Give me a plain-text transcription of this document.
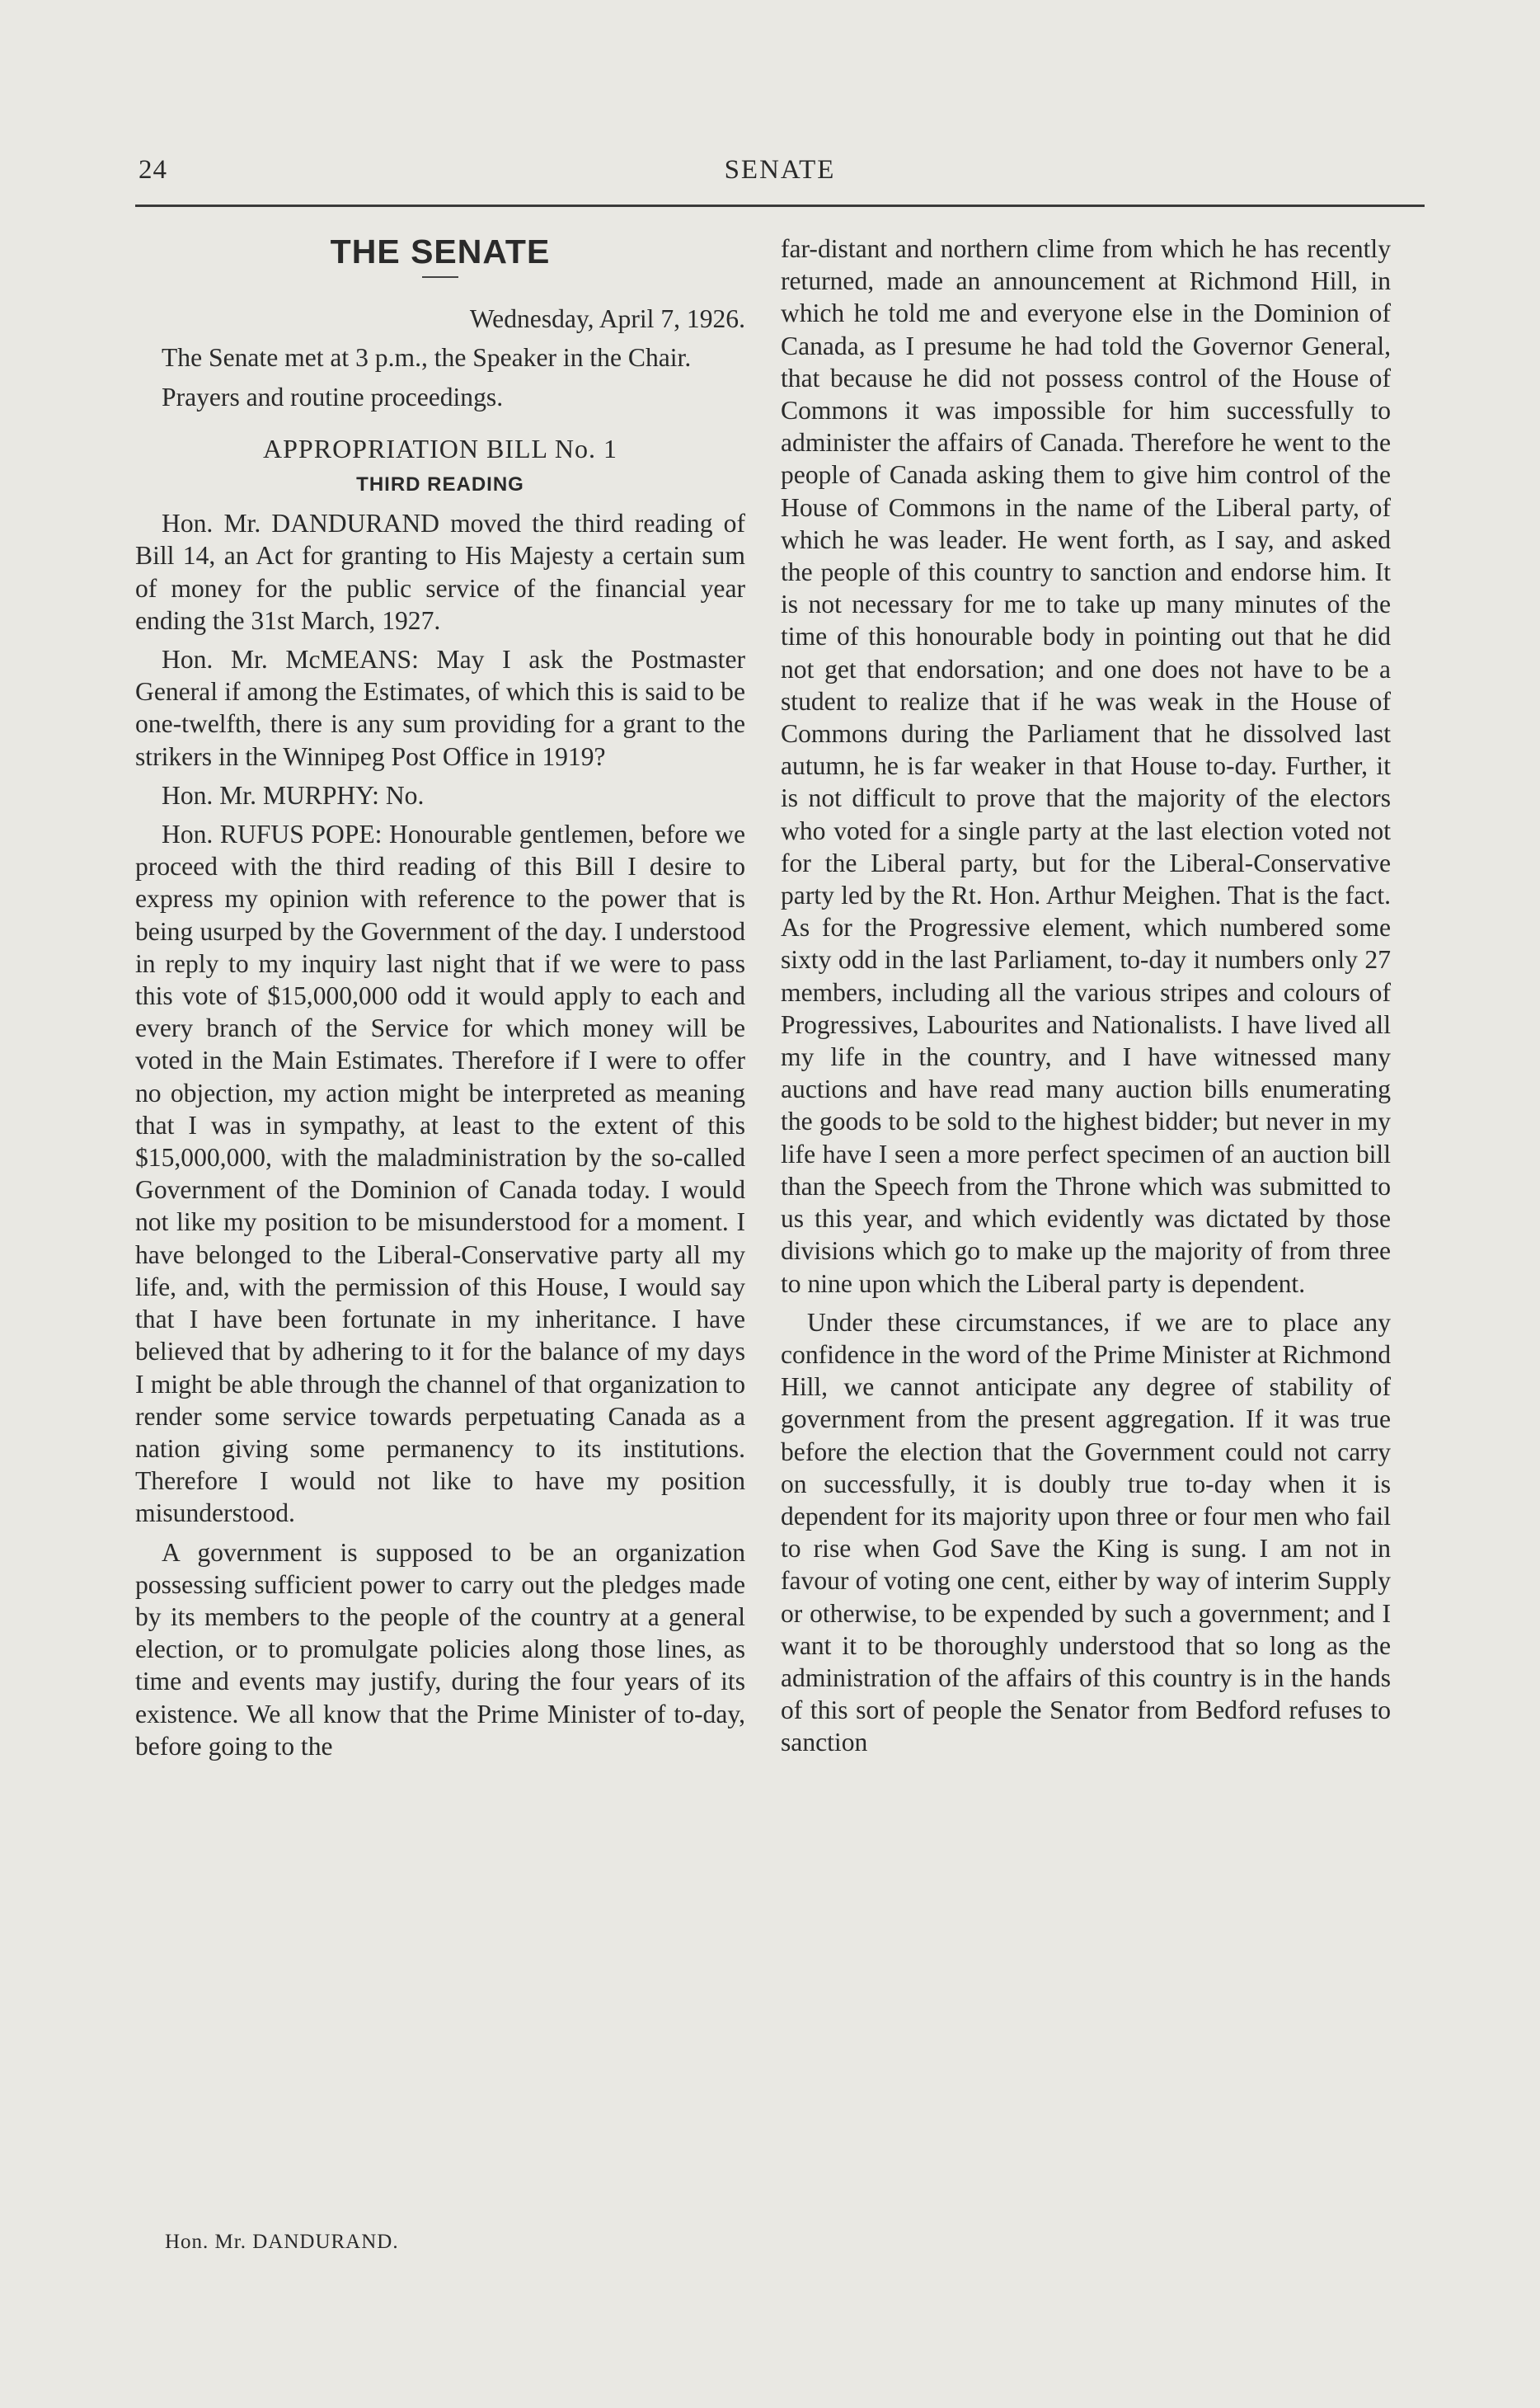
24	SENATE
THE SENATE

Wednesday, April 7, 1926.

The Senate met at 3 p.m., the Speaker in the Chair.

Prayers and routine proceedings.

APPROPRIATION BILL No. 1
THIRD READING

Hon. Mr. DANDURAND moved the third reading of Bill 14, an Act for granting to His Majesty a certain sum of money for the public service of the financial year ending the 31st March, 1927.

Hon. Mr. McMEANS: May I ask the Postmaster General if among the Estimates, of which this is said to be one-twelfth, there is any sum providing for a grant to the strikers in the Winnipeg Post Office in 1919?

Hon. Mr. MURPHY: No.

Hon. RUFUS POPE: Honourable gentlemen, before we proceed with the third reading of this Bill I desire to express my opinion with reference to the power that is being usurped by the Government of the day. I understood in reply to my inquiry last night that if we were to pass this vote of $15,000,000 odd it would apply to each and every branch of the Service for which money will be voted in the Main Estimates. Therefore if I were to offer no objection, my action might be interpreted as meaning that I was in sympathy, at least to the extent of this $15,000,000, with the maladministration by the so-called Government of the Dominion of Canada today. I would not like my position to be misunderstood for a moment. I have belonged to the Liberal-Conservative party all my life, and, with the permission of this House, I would say that I have been fortunate in my inheritance. I have believed that by adhering to it for the balance of my days I might be able through the channel of that organization to render some service towards perpetuating Canada as a nation giving some permanency to its institutions. Therefore I would not like to have my position misunderstood.

A government is supposed to be an organization possessing sufficient power to carry out the pledges made by its members to the people of the country at a general election, or to promulgate policies along those lines, as time and events may justify, during the four years of its existence. We all know that the Prime Minister of to-day, before going to the

far-distant and northern clime from which he has recently returned, made an announcement at Richmond Hill, in which he told me and everyone else in the Dominion of Canada, as I presume he had told the Governor General, that because he did not possess control of the House of Commons it was impossible for him successfully to administer the affairs of Canada. Therefore he went to the people of Canada asking them to give him control of the House of Commons in the name of the Liberal party, of which he was leader. He went forth, as I say, and asked the people of this country to sanction and endorse him. It is not necessary for me to take up many minutes of the time of this honourable body in pointing out that he did not get that endorsation; and one does not have to be a student to realize that if he was weak in the House of Commons during the Parliament that he dissolved last autumn, he is far weaker in that House to-day. Further, it is not difficult to prove that the majority of the electors who voted for a single party at the last election voted not for the Liberal party, but for the Liberal-Conservative party led by the Rt. Hon. Arthur Meighen. That is the fact. As for the Progressive element, which numbered some sixty odd in the last Parliament, to-day it numbers only 27 members, including all the various stripes and colours of Progressives, Labourites and Nationalists. I have lived all my life in the country, and I have witnessed many auctions and have read many auction bills enumerating the goods to be sold to the highest bidder; but never in my life have I seen a more perfect specimen of an auction bill than the Speech from the Throne which was submitted to us this year, and which evidently was dictated by those divisions which go to make up the majority of from three to nine upon which the Liberal party is dependent.

Under these circumstances, if we are to place any confidence in the word of the Prime Minister at Richmond Hill, we cannot anticipate any degree of stability of government from the present aggregation. If it was true before the election that the Government could not carry on successfully, it is doubly true to-day when it is dependent for its majority upon three or four men who fail to rise when God Save the King is sung. I am not in favour of voting one cent, either by way of interim Supply or otherwise, to be expended by such a government; and I want it to be thoroughly understood that so long as the administration of the affairs of this country is in the hands of this sort of people the Senator from Bedford refuses to sanction

Hon. Mr. DANDURAND.
